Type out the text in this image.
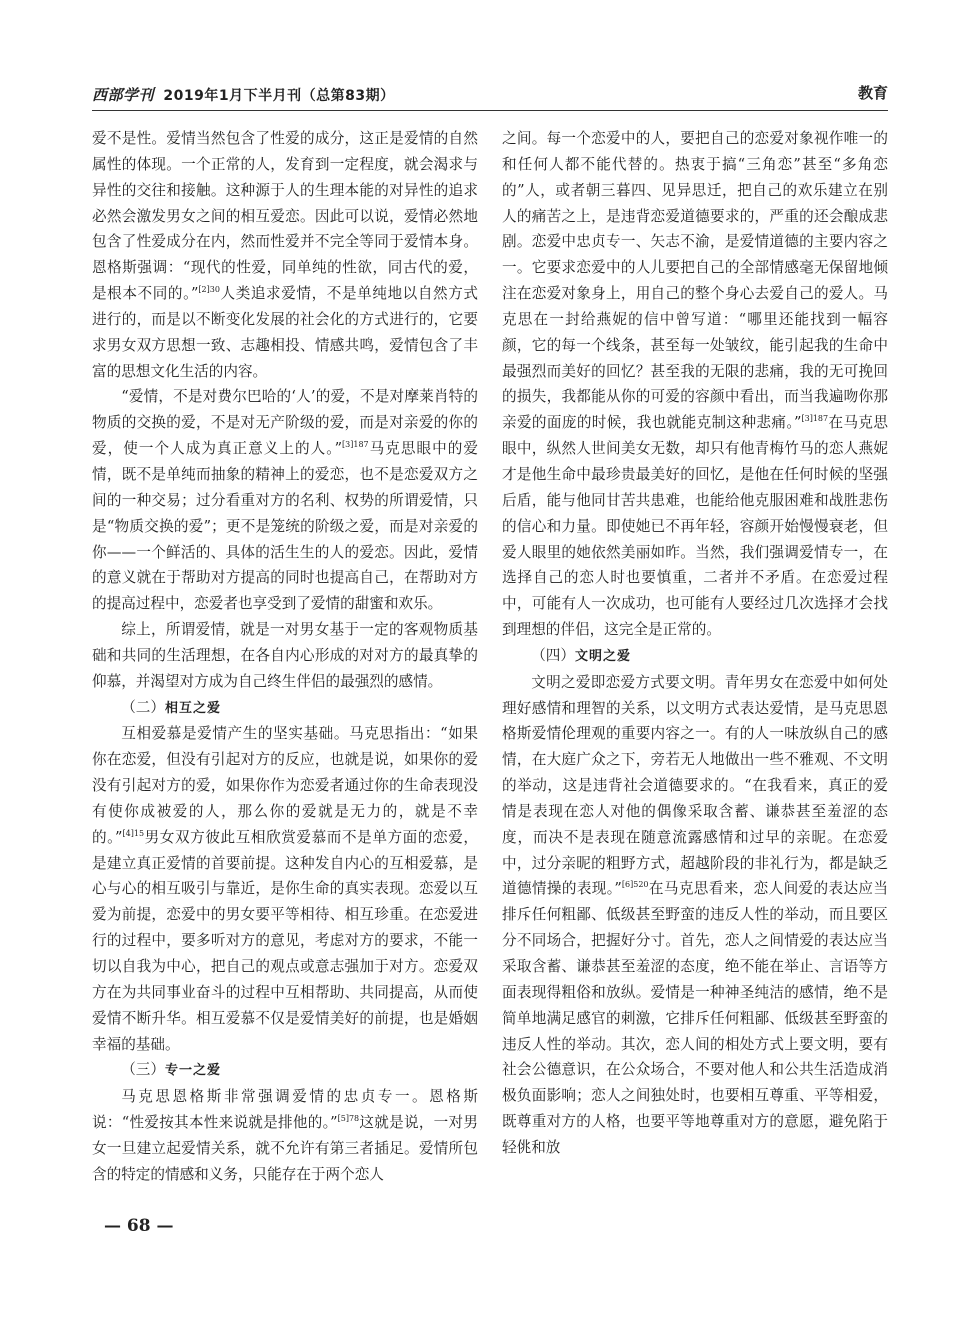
西部学刊 2019年1月下半月刊（总第83期）	教育

爱不是性。爱情当然包含了性爱的成分，这正是爱情的自然属性的体现。一个正常的人，发育到一定程度，就会渴求与异性的交往和接触。这种源于人的生理本能的对异性的追求必然会激发男女之间的相互爱恋。因此可以说，爱情必然地包含了性爱成分在内，然而性爱并不完全等同于爱情本身。恩格斯强调：“现代的性爱，同单纯的性欲，同古代的爱，是根本不同的。”$^{[2]30}$人类追求爱情，不是单纯地以自然方式进行的，而是以不断变化发展的社会化的方式进行的，它要求男女双方思想一致、志趣相投、情感共鸣，爱情包含了丰富的思想文化生活的内容。

“爱情，不是对费尔巴哈的‘人’的爱，不是对摩莱肖特的物质的交换的爱，不是对无产阶级的爱，而是对亲爱的你的爱，使一个人成为真正意义上的人。”$^{[3]187}$马克思眼中的爱情，既不是单纯而抽象的精神上的爱恋，也不是恋爱双方之间的一种交易；过分看重对方的名利、权势的所谓爱情，只是“物质交换的爱”；更不是笼统的阶级之爱，而是对亲爱的你——一个鲜活的、具体的活生生的人的爱恋。因此，爱情的意义就在于帮助对方提高的同时也提高自己，在帮助对方的提高过程中，恋爱者也享受到了爱情的甜蜜和欢乐。

综上，所谓爱情，就是一对男女基于一定的客观物质基础和共同的生活理想，在各自内心形成的对对方的最真挚的仰慕，并渴望对方成为自己终生伴侣的最强烈的感情。

（二）相互之爱

互相爱慕是爱情产生的坚实基础。马克思指出：“如果你在恋爱，但没有引起对方的反应，也就是说，如果你的爱没有引起对方的爱，如果你作为恋爱者通过你的生命表现没有使你成被爱的人，那么你的爱就是无力的，就是不幸的。”$^{[4]15}$男女双方彼此互相欣赏爱慕而不是单方面的恋爱，是建立真正爱情的首要前提。这种发自内心的互相爱慕，是心与心的相互吸引与靠近，是你生命的真实表现。恋爱以互爱为前提，恋爱中的男女要平等相待、相互珍重。在恋爱进行的过程中，要多听对方的意见，考虑对方的要求，不能一切以自我为中心，把自己的观点或意志强加于对方。恋爱双方在为共同事业奋斗的过程中互相帮助、共同提高，从而使爱情不断升华。相互爱慕不仅是爱情美好的前提，也是婚姻幸福的基础。

（三）专一之爱

马克思恩格斯非常强调爱情的忠贞专一。恩格斯说：“性爱按其本性来说就是排他的。”$^{[5]78}$这就是说，一对男女一旦建立起爱情关系，就不允许有第三者插足。爱情所包含的特定的情感和义务，只能存在于两个恋人

之间。每一个恋爱中的人，要把自己的恋爱对象视作唯一的和任何人都不能代替的。热衷于搞“三角恋”甚至“多角恋的”人，或者朝三暮四、见异思迁，把自己的欢乐建立在别人的痛苦之上，是违背恋爱道德要求的，严重的还会酿成悲剧。恋爱中忠贞专一、矢志不渝，是爱情道德的主要内容之一。它要求恋爱中的人儿要把自己的全部情感毫无保留地倾注在恋爱对象身上，用自己的整个身心去爱自己的爱人。马克思在一封给燕妮的信中曾写道：“哪里还能找到一幅容颜，它的每一个线条，甚至每一处皱纹，能引起我的生命中最强烈而美好的回忆？甚至我的无限的悲痛，我的无可挽回的损失，我都能从你的可爱的容颜中看出，而当我遍吻你那亲爱的面庞的时候，我也就能克制这种悲痛。”$^{[3]187}$在马克思眼中，纵然人世间美女无数，却只有他青梅竹马的恋人燕妮才是他生命中最珍贵最美好的回忆，是他在任何时候的坚强后盾，能与他同甘苦共患难，也能给他克服困难和战胜悲伤的信心和力量。即使她已不再年轻，容颜开始慢慢衰老，但爱人眼里的她依然美丽如昨。当然，我们强调爱情专一，在选择自己的恋人时也要慎重，二者并不矛盾。在恋爱过程中，可能有人一次成功，也可能有人要经过几次选择才会找到理想的伴侣，这完全是正常的。

（四）文明之爱

文明之爱即恋爱方式要文明。青年男女在恋爱中如何处理好感情和理智的关系，以文明方式表达爱情，是马克思恩格斯爱情伦理观的重要内容之一。有的人一味放纵自己的感情，在大庭广众之下，旁若无人地做出一些不雅观、不文明的举动，这是违背社会道德要求的。“在我看来，真正的爱情是表现在恋人对他的偶像采取含蓄、谦恭甚至羞涩的态度，而决不是表现在随意流露感情和过早的亲昵。在恋爱中，过分亲昵的粗野方式，超越阶段的非礼行为，都是缺乏道德情操的表现。”$^{[6]520}$在马克思看来，恋人间爱的表达应当排斥任何粗鄙、低级甚至野蛮的违反人性的举动，而且要区分不同场合，把握好分寸。首先，恋人之间情爱的表达应当采取含蓄、谦恭甚至羞涩的态度，绝不能在举止、言语等方面表现得粗俗和放纵。爱情是一种神圣纯洁的感情，绝不是简单地满足感官的刺激，它排斥任何粗鄙、低级甚至野蛮的违反人性的举动。其次，恋人间的相处方式上要文明，要有社会公德意识，在公众场合，不要对他人和公共生活造成消极负面影响；恋人之间独处时，也要相互尊重、平等相爱，既尊重对方的人格，也要平等地尊重对方的意愿，避免陷于轻佻和放

— 68 —
